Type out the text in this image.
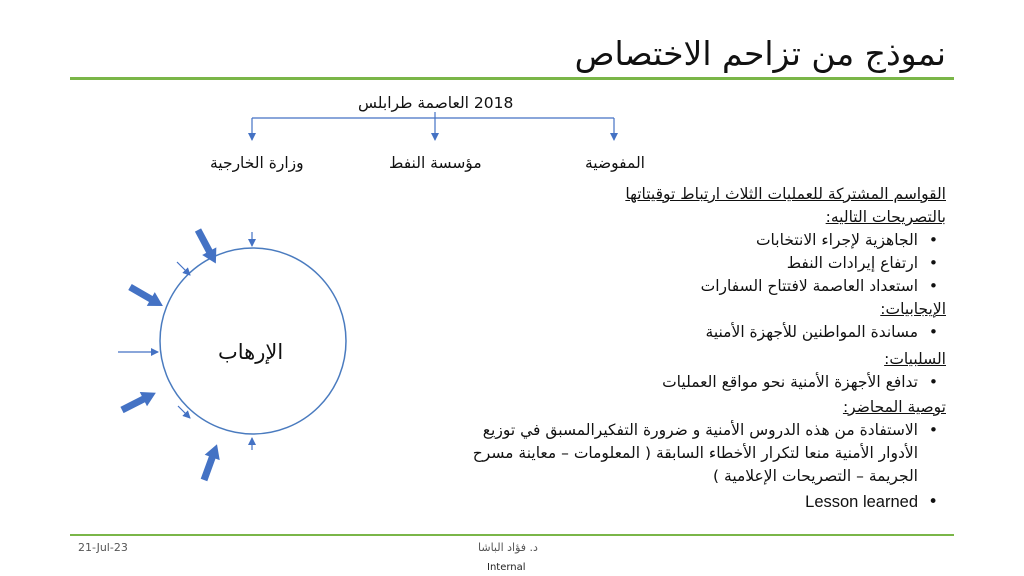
نموذج من تزاحم الاختصاص
2018 العاصمة طرابلس
المفوضية
مؤسسة النفط
وزارة الخارجية
الإرهاب
القواسم المشتركة للعمليات الثلاث ارتباط توقيتاتها
بالتصريحات التاليه:
•
الجاهزية لإجراء الانتخابات
•
ارتفاع إيرادات النفط
•
استعداد العاصمة لافتتاح السفارات
الإيجابيات:
•
مساندة المواطنين للأجهزة الأمنية
السلبيات:
•
تدافع الأجهزة الأمنية نحو مواقع العمليات
توصية المحاضر:
•
الاستفادة من هذه الدروس الأمنية و ضرورة التفكيرالمسبق في توزيع الأدوار الأمنية منعا لتكرار الأخطاء السابقة ( المعلومات – معاينة مسرح الجريمة – التصريحات الإعلامية )
•
Lesson learned
21-Jul-23	د. فؤاد الباشا
Internal
